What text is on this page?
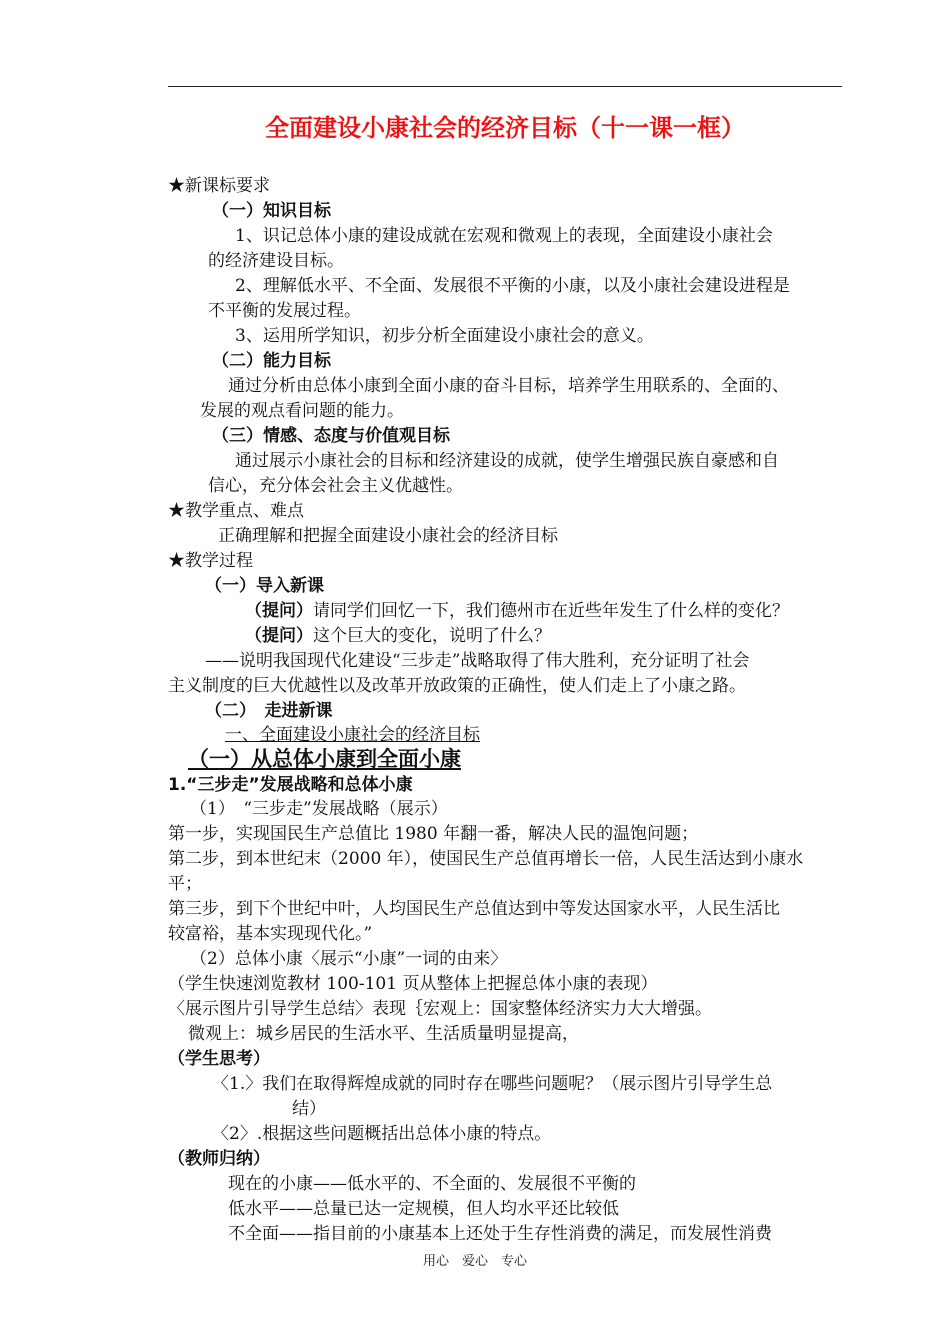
全面建设小康社会的经济目标（十一课一框）
★新课标要求
（一）知识目标
1、识记总体小康的建设成就在宏观和微观上的表现，全面建设小康社会
的经济建设目标。
2、理解低水平、不全面、发展很不平衡的小康，以及小康社会建设进程是
不平衡的发展过程。
3、运用所学知识，初步分析全面建设小康社会的意义。
（二）能力目标
通过分析由总体小康到全面小康的奋斗目标，培养学生用联系的、全面的、
发展的观点看问题的能力。
（三）情感、态度与价值观目标
通过展示小康社会的目标和经济建设的成就，使学生增强民族自豪感和自
信心，充分体会社会主义优越性。
★教学重点、难点
正确理解和把握全面建设小康社会的经济目标
★教学过程
（一）导入新课
（提问）请同学们回忆一下，我们德州市在近些年发生了什么样的变化？
（提问）这个巨大的变化，说明了什么？
——说明我国现代化建设“三步走”战略取得了伟大胜利，充分证明了社会
主义制度的巨大优越性以及改革开放政策的正确性，使人们走上了小康之路。
（二）　走进新课
一、全面建设小康社会的经济目标
（一）从总体小康到全面小康
1.“三步走”发展战略和总体小康
（1）　“三步走”发展战略（展示）
第一步，实现国民生产总值比 1980 年翻一番，解决人民的温饱问题；
第二步，到本世纪末（2000 年），使国民生产总值再增长一倍，人民生活达到小康水
平；
第三步，到下个世纪中叶，人均国民生产总值达到中等发达国家水平，人民生活比
较富裕，基本实现现代化。”
（2）总体小康〈展示“小康”一词的由来〉
（学生快速浏览教材 100-101 页从整体上把握总体小康的表现）
〈展示图片引导学生总结〉表现｛宏观上：国家整体经济实力大大增强。
微观上：城乡居民的生活水平、生活质量明显提高，
（学生思考）
〈1.〉我们在取得辉煌成就的同时存在哪些问题呢？（展示图片引导学生总
结）
〈2〉.根据这些问题概括出总体小康的特点。
（教师归纳）
现在的小康——低水平的、不全面的、发展很不平衡的
低水平——总量已达一定规模，但人均水平还比较低
不全面——指目前的小康基本上还处于生存性消费的满足，而发展性消费
用心　爱心　专心
